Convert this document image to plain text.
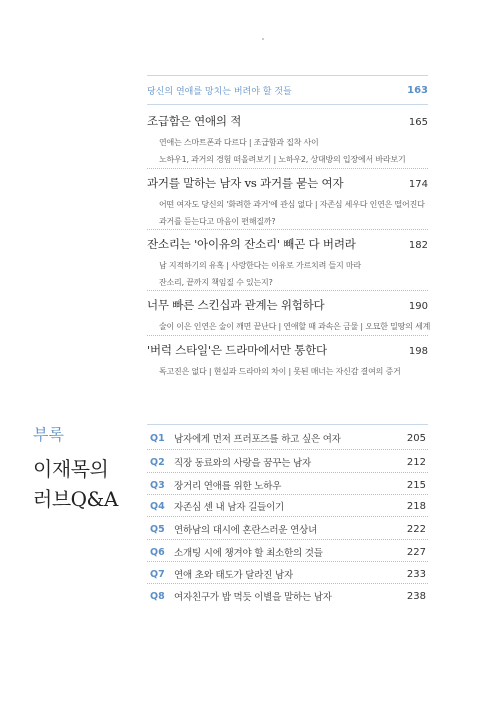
당신의 연애를 망치는 버려야 할 것들	163
조급함은 연애의 적	165
연애는 스마트폰과 다르다 | 조급함과 집착 사이
노하우1, 과거의 경험 떠올려보기 | 노하우2, 상대방의 입장에서 바라보기
과거를 말하는 남자 vs 과거를 묻는 여자	174
어떤 여자도 당신의 '화려한 과거'에 관심 없다 | 자존심 세우다 인연은 떨어진다
과거를 듣는다고 마음이 편해질까?
잔소리는 '아이유의 잔소리' 빼곤 다 버려라	182
남 지적하기의 유혹 | 사랑한다는 이유로 가르치려 들지 마라
잔소리, 끝까지 책임질 수 있는지?
너무 빠른 스킨십과 관계는 위험하다	190
술이 이은 인연은 술이 깨면 끝난다 | 연애할 때 과속은 금물 | 오묘한 밀땅의 세계
'버럭 스타일'은 드라마에서만 통한다	198
독고진은 없다 | 현실과 드라마의 차이 | 못된 매너는 자신감 결여의 증거
부록
이재목의
러브Q&A
Q1 남자에게 먼저 프러포즈를 하고 싶은 여자	205
Q2 직장 동료와의 사랑을 꿈꾸는 남자	212
Q3 장거리 연애를 위한 노하우	215
Q4 자존심 센 내 남자 길들이기	218
Q5 연하남의 대시에 혼란스러운 연상녀	222
Q6 소개팅 시에 챙겨야 할 최소한의 것들	227
Q7 연애 초와 태도가 달라진 남자	233
Q8 여자친구가 밥 먹듯 이별을 말하는 남자	238
